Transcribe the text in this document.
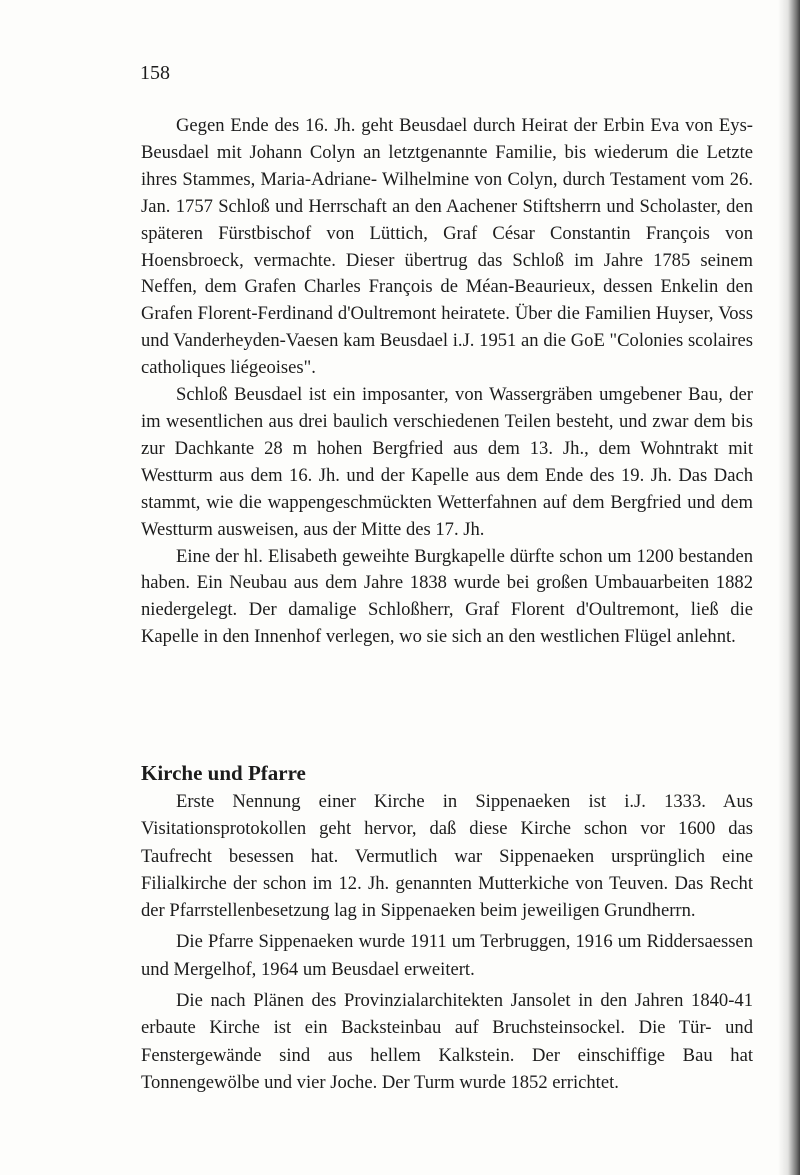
158

Gegen Ende des 16. Jh. geht Beusdael durch Heirat der Erbin Eva von Eys-Beusdael mit Johann Colyn an letztgenannte Familie, bis wiederum die Letzte ihres Stammes, Maria-Adriane- Wilhelmine von Colyn, durch Testament vom 26. Jan. 1757 Schloß und Herrschaft an den Aachener Stiftsherrn und Scholaster, den späteren Fürstbischof von Lüttich, Graf César Constantin François von Hoensbroeck, vermachte. Dieser übertrug das Schloß im Jahre 1785 seinem Neffen, dem Grafen Charles François de Méan-Beaurieux, dessen Enkelin den Grafen Florent-Ferdinand d'Oultremont heiratete. Über die Familien Huyser, Voss und Vanderheyden-Vaesen kam Beusdael i.J. 1951 an die GoE "Colonies scolaires catholiques liégeoises".

Schloß Beusdael ist ein imposanter, von Wassergräben umgebener Bau, der im wesentlichen aus drei baulich verschiedenen Teilen besteht, und zwar dem bis zur Dachkante 28 m hohen Bergfried aus dem 13. Jh., dem Wohntrakt mit Westturm aus dem 16. Jh. und der Kapelle aus dem Ende des 19. Jh. Das Dach stammt, wie die wappengeschmückten Wetterfahnen auf dem Bergfried und dem Westturm ausweisen, aus der Mitte des 17. Jh.

Eine der hl. Elisabeth geweihte Burgkapelle dürfte schon um 1200 bestanden haben. Ein Neubau aus dem Jahre 1838 wurde bei großen Umbauarbeiten 1882 niedergelegt. Der damalige Schloßherr, Graf Florent d'Oultremont, ließ die Kapelle in den Innenhof verlegen, wo sie sich an den westlichen Flügel anlehnt.

Kirche und Pfarre

Erste Nennung einer Kirche in Sippenaeken ist i.J. 1333. Aus Visitationsprotokollen geht hervor, daß diese Kirche schon vor 1600 das Taufrecht besessen hat. Vermutlich war Sippenaeken ursprünglich eine Filialkirche der schon im 12. Jh. genannten Mutterkiche von Teuven. Das Recht der Pfarrstellenbesetzung lag in Sippenaeken beim jeweiligen Grundherrn.

Die Pfarre Sippenaeken wurde 1911 um Terbruggen, 1916 um Riddersaessen und Mergelhof, 1964 um Beusdael erweitert.

Die nach Plänen des Provinzialarchitekten Jansolet in den Jahren 1840-41 erbaute Kirche ist ein Backsteinbau auf Bruchsteinsockel. Die Tür- und Fenstergewände sind aus hellem Kalkstein. Der einschiffige Bau hat Tonnengewölbe und vier Joche. Der Turm wurde 1852 errichtet.
